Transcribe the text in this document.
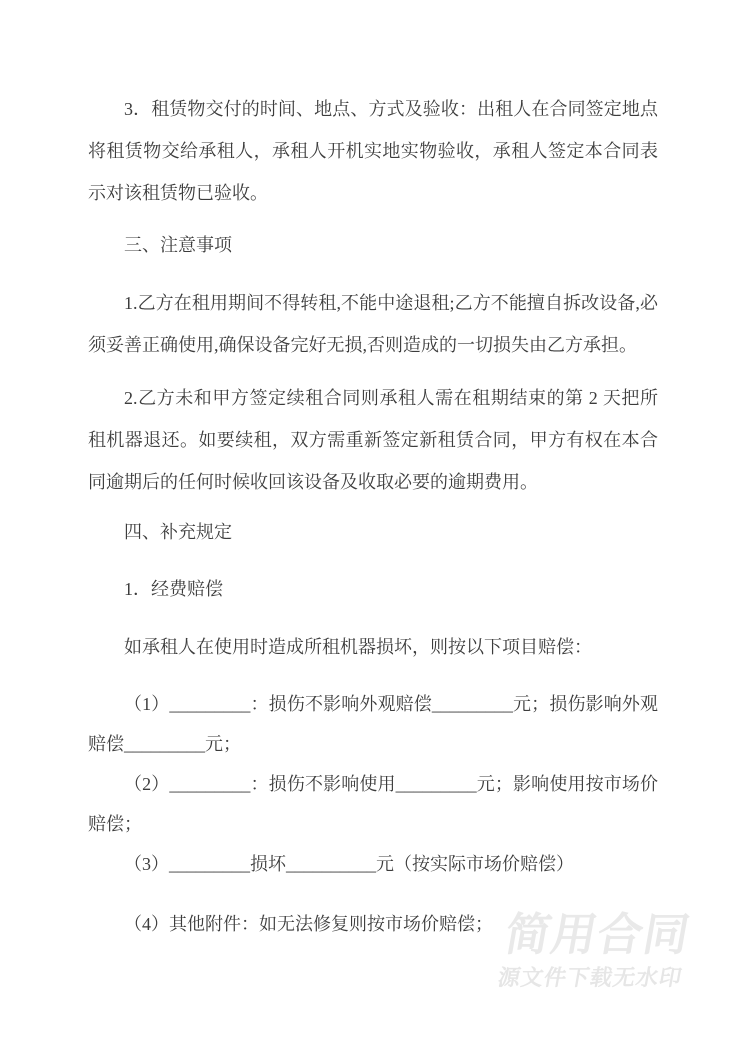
3．租赁物交付的时间、地点、方式及验收：出租人在合同签定地点将租赁物交给承租人，承租人开机实地实物验收，承租人签定本合同表示对该租赁物已验收。

三、注意事项

1.乙方在租用期间不得转租,不能中途退租;乙方不能擅自拆改设备,必须妥善正确使用,确保设备完好无损,否则造成的一切损失由乙方承担。

2.乙方未和甲方签定续租合同则承租人需在租期结束的第 2 天把所租机器退还。如要续租，双方需重新签定新租赁合同，甲方有权在本合同逾期后的任何时候收回该设备及收取必要的逾期费用。

四、补充规定

1．经费赔偿

如承租人在使用时造成所租机器损坏，则按以下项目赔偿：

（1）_________：损伤不影响外观赔偿_________元；损伤影响外观赔偿_________元；

（2）_________：损伤不影响使用_________元；影响使用按市场价赔偿；

（3）_________损坏__________元（按实际市场价赔偿）

（4）其他附件：如无法修复则按市场价赔偿； 简用合同
源文件下载无水印
